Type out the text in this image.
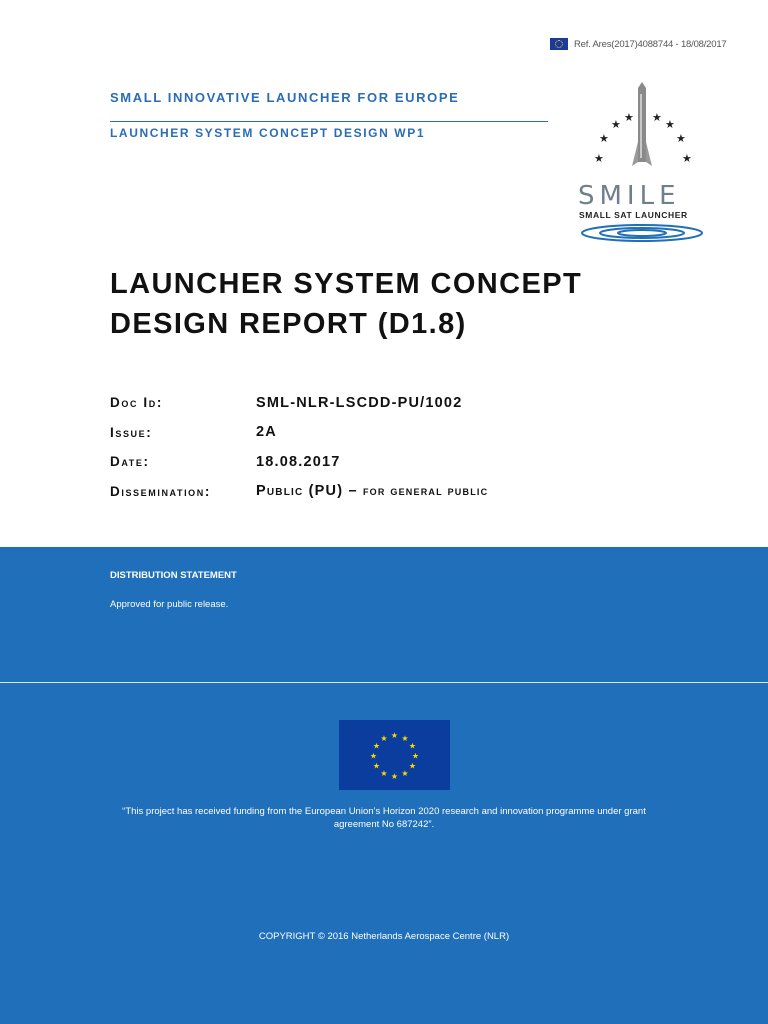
Ref. Ares(2017)4088744 - 18/08/2017
SMALL INNOVATIVE LAUNCHER FOR EUROPE
LAUNCHER SYSTEM CONCEPT DESIGN WP1
★
★
★
★ ★
★
★
★
SMILE
SMALL SAT LAUNCHER
LAUNCHER SYSTEM CONCEPT
DESIGN REPORT (D1.8)
Doc Id:	SML-NLR-LSCDD-PU/1002
Issue:	2A
Date:	18.08.2017
Dissemination:	Public (PU) – for general public
DISTRIBUTION STATEMENT
Approved for public release.
★ ★
★
★
★
★
★
★
★
★
★
★
“This project has received funding from the European Union’s Horizon 2020 research and innovation programme under grant agreement No 687242”.
COPYRIGHT © 2016 Netherlands Aerospace Centre (NLR)
